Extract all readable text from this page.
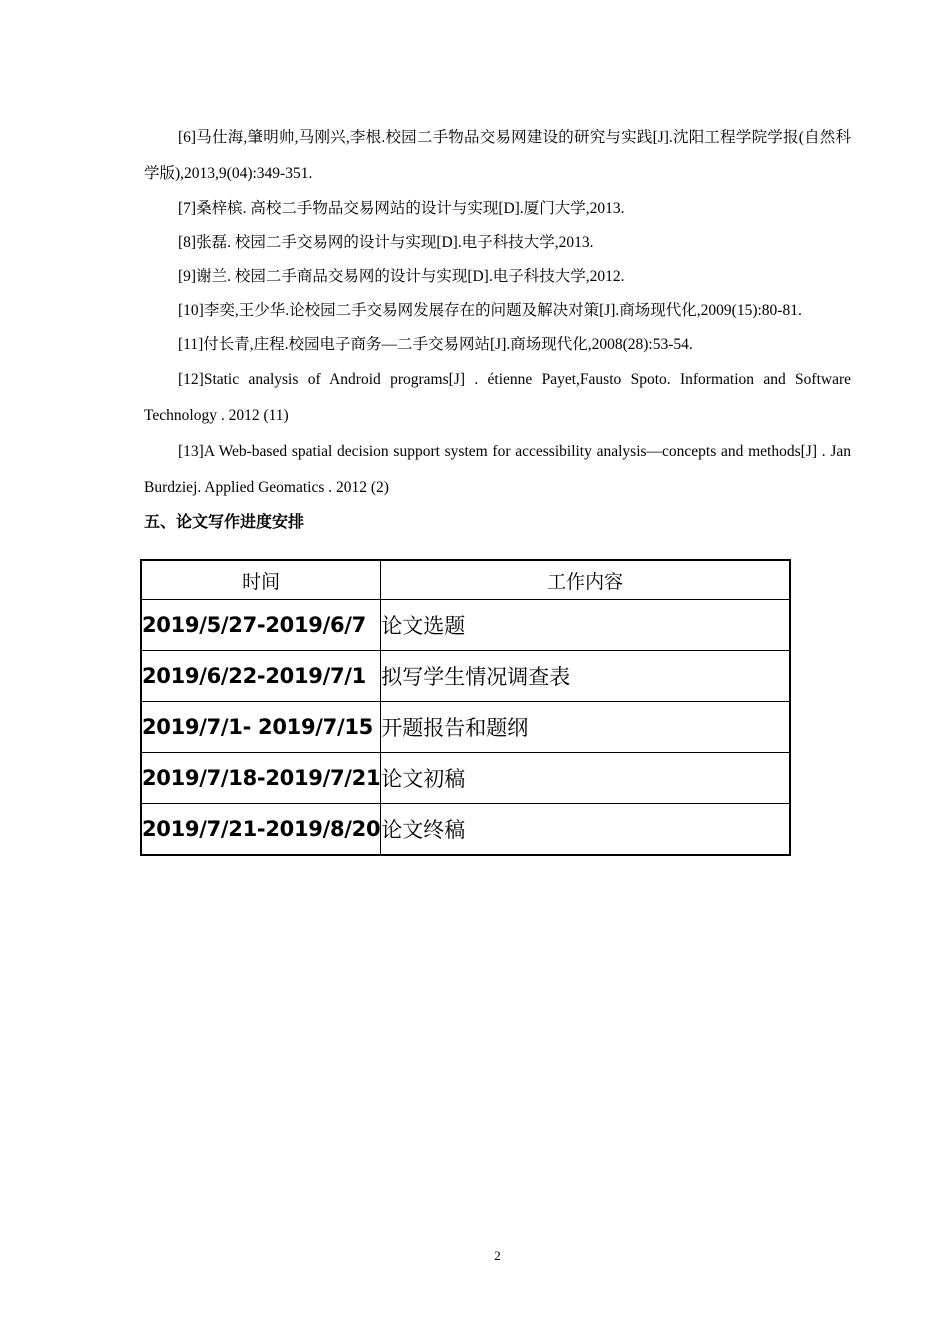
[6]马仕海,肇明帅,马刚兴,李根.校园二手物品交易网建设的研究与实践[J].沈阳工程学院学报(自然科学版),2013,9(04):349-351.

[7]桑梓槟. 高校二手物品交易网站的设计与实现[D].厦门大学,2013.

[8]张磊. 校园二手交易网的设计与实现[D].电子科技大学,2013.

[9]谢兰. 校园二手商品交易网的设计与实现[D].电子科技大学,2012.

[10]李奕,王少华.论校园二手交易网发展存在的问题及解决对策[J].商场现代化,2009(15):80-81.

[11]付长青,庄程.校园电子商务—二手交易网站[J].商场现代化,2008(28):53-54.

[12]Static analysis of Android programs[J] . étienne Payet,Fausto Spoto. Information and Software Technology . 2012 (11)

[13]A Web-based spatial decision support system for accessibility analysis—concepts and methods[J] . Jan Burdziej. Applied Geomatics . 2012 (2)

五、论文写作进度安排
时间	工作内容
2019/5/27-2019/6/7	论文选题
2019/6/22-2019/7/1	拟写学生情况调查表
2019/7/1- 2019/7/15	开题报告和题纲
2019/7/18-2019/7/21	论文初稿
2019/7/21-2019/8/20	论文终稿
2
